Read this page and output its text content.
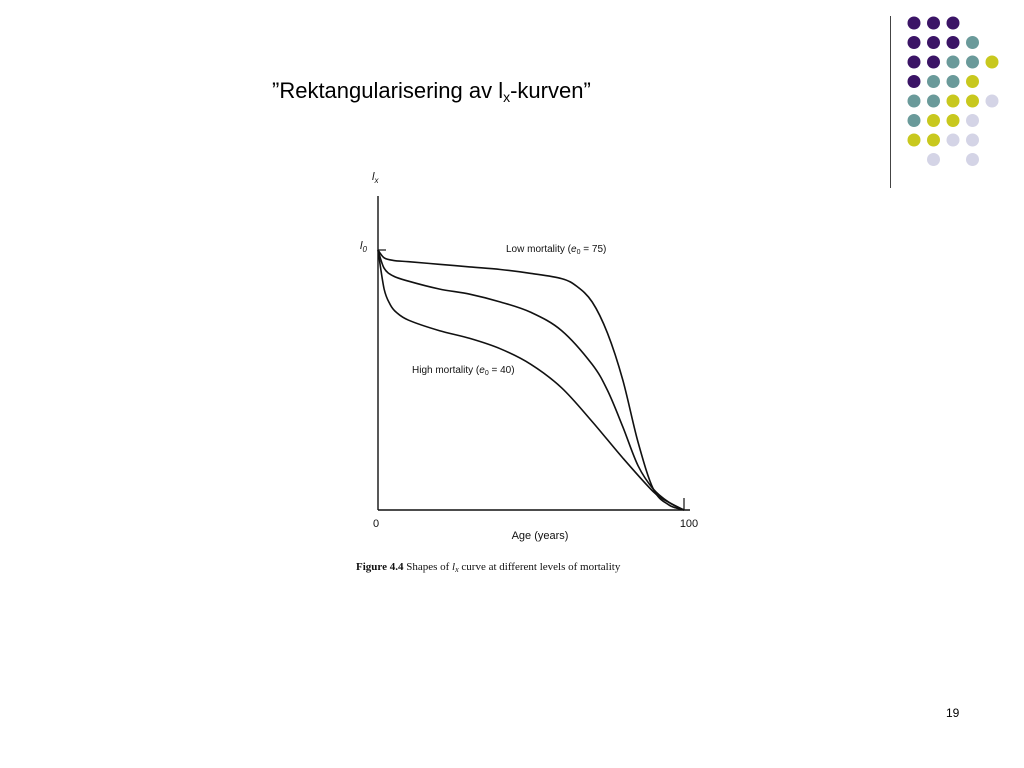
”Rektangularisering av $l_x$-kurven”
$l_x$
$l_0$
0	100
Age (years)
Low mortality $(e_0 = 75)$
High mortality $(e_0 = 40)$
Figure 4.4 Shapes of lx curve at different levels of mortality
19
